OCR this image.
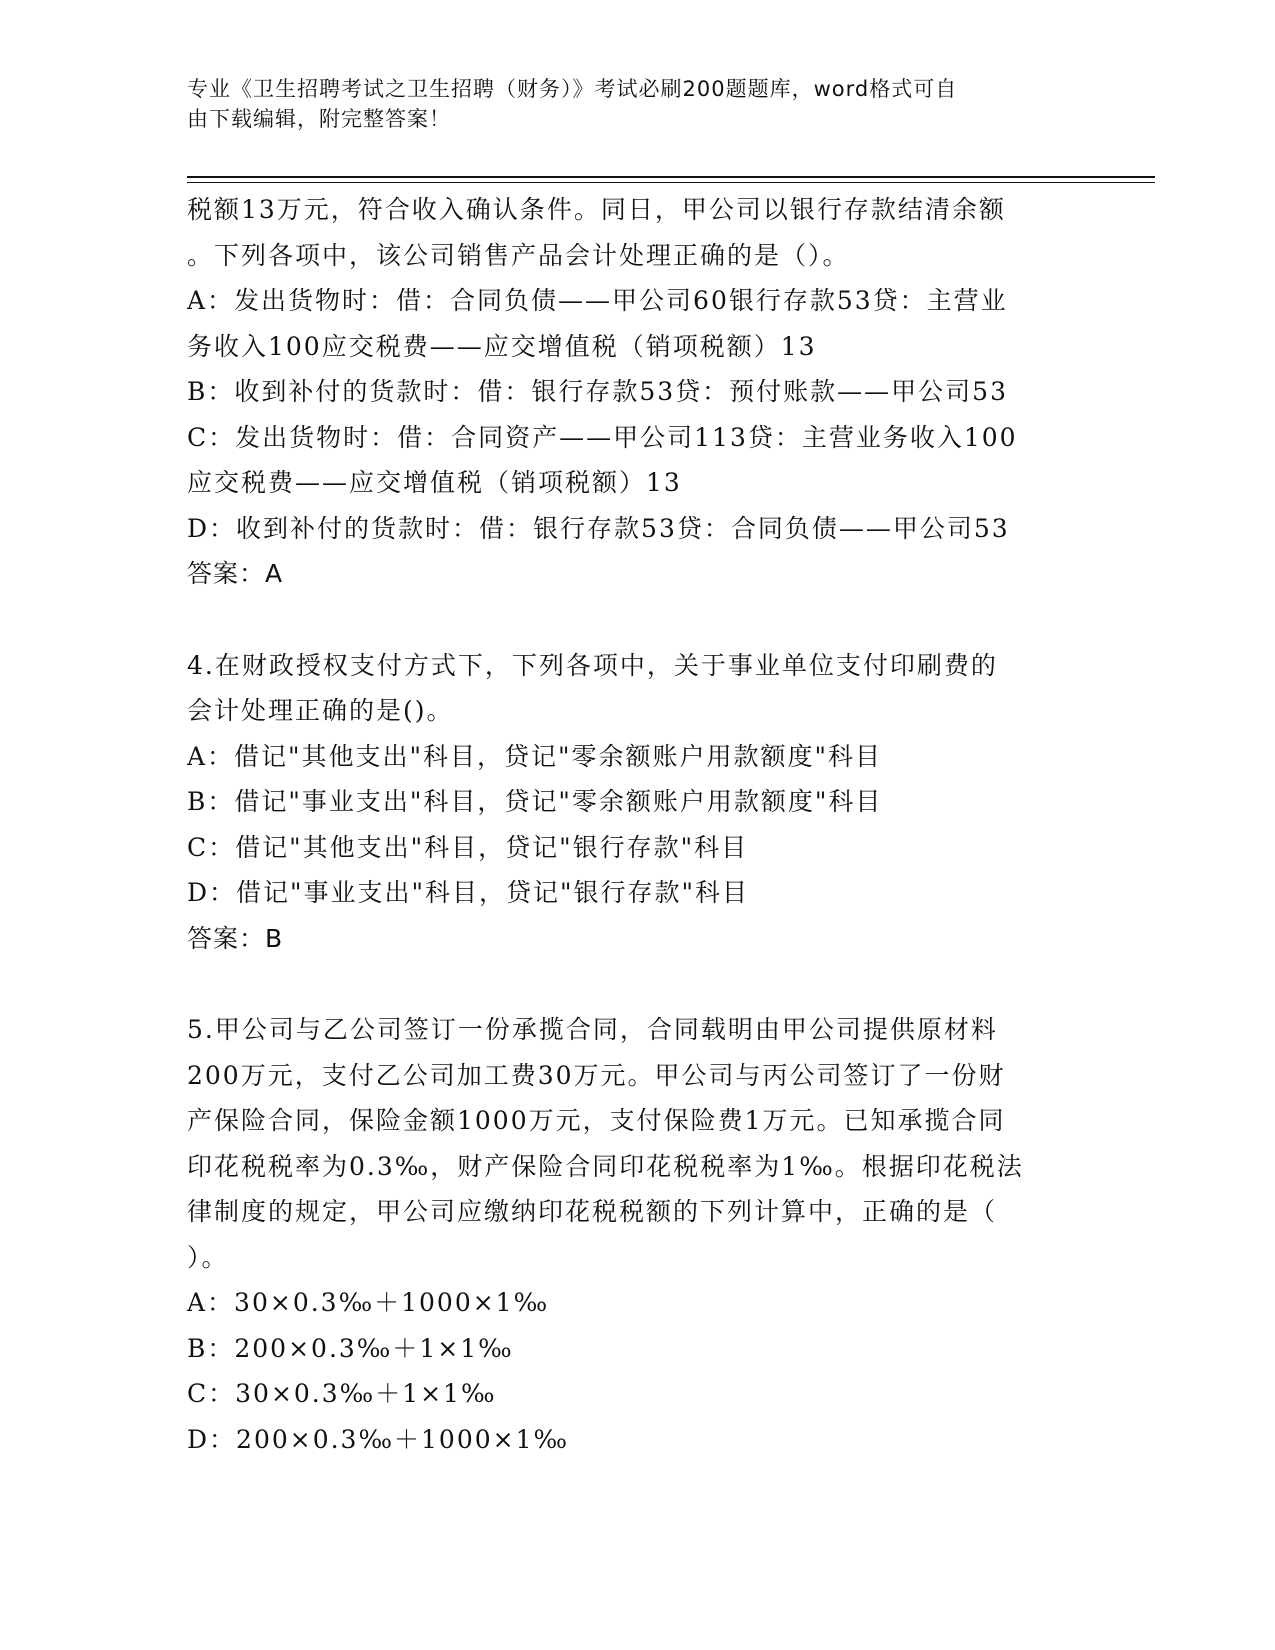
专业《卫生招聘考试之卫生招聘（财务）》考试必刷200题题库，word格式可自
由下载编辑，附完整答案！
税额13万元，符合收入确认条件。同日，甲公司以银行存款结清余额
。下列各项中，该公司销售产品会计处理正确的是（）。
A：发出货物时：借：合同负债——甲公司60银行存款53贷：主营业
务收入100应交税费——应交增值税（销项税额）13
B：收到补付的货款时：借：银行存款53贷：预付账款——甲公司53
C：发出货物时：借：合同资产——甲公司113贷：主营业务收入100
应交税费——应交增值税（销项税额）13
D：收到补付的货款时：借：银行存款53贷：合同负债——甲公司53
答案：A
4.在财政授权支付方式下，下列各项中，关于事业单位支付印刷费的
会计处理正确的是()。
A：借记"其他支出"科目，贷记"零余额账户用款额度"科目
B：借记"事业支出"科目，贷记"零余额账户用款额度"科目
C：借记"其他支出"科目，贷记"银行存款"科目
D：借记"事业支出"科目，贷记"银行存款"科目
答案：B
5.甲公司与乙公司签订一份承揽合同，合同载明由甲公司提供原材料
200万元，支付乙公司加工费30万元。甲公司与丙公司签订了一份财
产保险合同，保险金额1000万元，支付保险费1万元。已知承揽合同
印花税税率为0.3‰，财产保险合同印花税税率为1‰。根据印花税法
律制度的规定，甲公司应缴纳印花税税额的下列计算中，正确的是（
）。
A：30×0.3‰＋1000×1‰
B：200×0.3‰＋1×1‰
C：30×0.3‰＋1×1‰
D：200×0.3‰＋1000×1‰
